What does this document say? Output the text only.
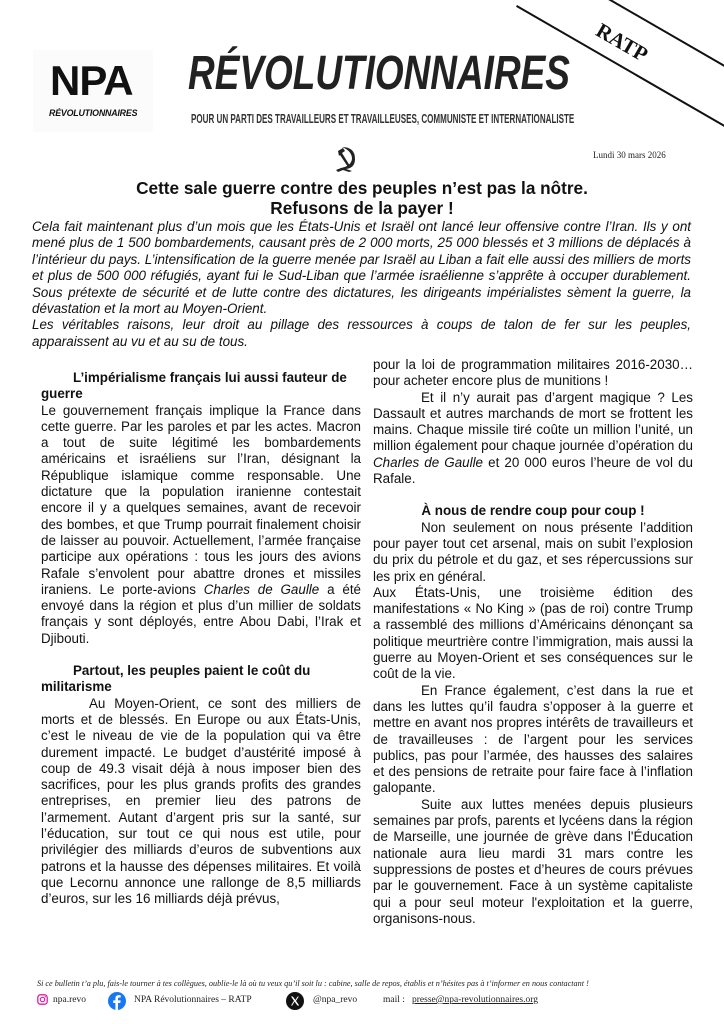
RATP
NPA
RÉVOLUTIONNAIRES
RÉVOLUTIONNAIRES
POUR UN PARTI DES TRAVAILLEURS ET TRAVAILLEUSES, COMMUNISTE ET INTERNATIONALISTE
Lundi 30 mars 2026
Cette sale guerre contre des peuples n’est pas la nôtre.
Refusons de la payer !

Cela fait maintenant plus d’un mois que les États-Unis et Israël ont lancé leur offensive contre l’Iran. Ils y ont mené plus de 1 500 bombardements, causant près de 2 000 morts, 25 000 blessés et 3 millions de déplacés à l’intérieur du pays. L’intensification de la guerre menée par Israël au Liban a fait elle aussi des milliers de morts et plus de 500 000 réfugiés, ayant fui le Sud-Liban que l’armée israélienne s’apprête à occuper durablement. Sous prétexte de sécurité et de lutte contre des dictatures, les dirigeants impérialistes sèment la guerre, la dévastation et la mort au Moyen-Orient.

Les véritables raisons, leur droit au pillage des ressources à coups de talon de fer sur les peuples, apparaissent au vu et au su de tous.

L’impérialisme français lui aussi fauteur de guerre

Le gouvernement français implique la France dans cette guerre. Par les paroles et par les actes. Macron a tout de suite légitimé les bombardements américains et israéliens sur l’Iran, désignant la République islamique comme responsable. Une dictature que la population iranienne contestait encore il y a quelques semaines, avant de recevoir des bombes, et que Trump pourrait finalement choisir de laisser au pouvoir. Actuellement, l’armée française participe aux opérations : tous les jours des avions Rafale s’envolent pour abattre drones et missiles iraniens. Le porte-avions Charles de Gaulle a été envoyé dans la région et plus d’un millier de soldats français y sont déployés, entre Abou Dabi, l’Irak et Djibouti.

Partout, les peuples paient le coût du militarisme

Au Moyen-Orient, ce sont des milliers de morts et de blessés. En Europe ou aux États-Unis, c’est le niveau de vie de la population qui va être durement impacté. Le budget d’austérité imposé à coup de 49.3 visait déjà à nous imposer bien des sacrifices, pour les plus grands profits des grandes entreprises, en premier lieu des patrons de l’armement. Autant d’argent pris sur la santé, sur l’éducation, sur tout ce qui nous est utile, pour privilégier des milliards d’euros de subventions aux patrons et la hausse des dépenses militaires. Et voilà que Lecornu annonce une rallonge de 8,5 milliards d’euros, sur les 16 milliards déjà prévus,

pour la loi de programmation militaires 2016-2030… pour acheter encore plus de munitions !

Et il n’y aurait pas d’argent magique ? Les Dassault et autres marchands de mort se frottent les mains. Chaque missile tiré coûte un million l’unité, un million également pour chaque journée d’opération du Charles de Gaulle et 20 000 euros l’heure de vol du Rafale.

À nous de rendre coup pour coup !

Non seulement on nous présente l’addition pour payer tout cet arsenal, mais on subit l’explosion du prix du pétrole et du gaz, et ses répercussions sur les prix en général.

Aux États-Unis, une troisième édition des manifestations « No King » (pas de roi) contre Trump a rassemblé des millions d’Américains dénonçant sa politique meurtrière contre l’immigration, mais aussi la guerre au Moyen-Orient et ses conséquences sur le coût de la vie.

En France également, c’est dans la rue et dans les luttes qu’il faudra s’opposer à la guerre et mettre en avant nos propres intérêts de travailleurs et de travailleuses : de l’argent pour les services publics, pas pour l’armée, des hausses des salaires et des pensions de retraite pour faire face à l’inflation galopante.

Suite aux luttes menées depuis plusieurs semaines par profs, parents et lycéens dans la région de Marseille, une journée de grève dans l'Éducation nationale aura lieu mardi 31 mars contre les suppressions de postes et d’heures de cours prévues par le gouvernement. Face à un système capitaliste qui a pour seul moteur l'exploitation et la guerre, organisons-nous.

Si ce bulletin t’a plu, fais-le tourner à tes collègues, oublie-le là où tu veux qu’il soit lu : cabine, salle de repos, établis et n’hésites pas à t’informer en nous contactant !
npa.revo	NPA Révolutionnaires – RATP	@npa_revo	mail : presse@npa-revolutionnaires.org
